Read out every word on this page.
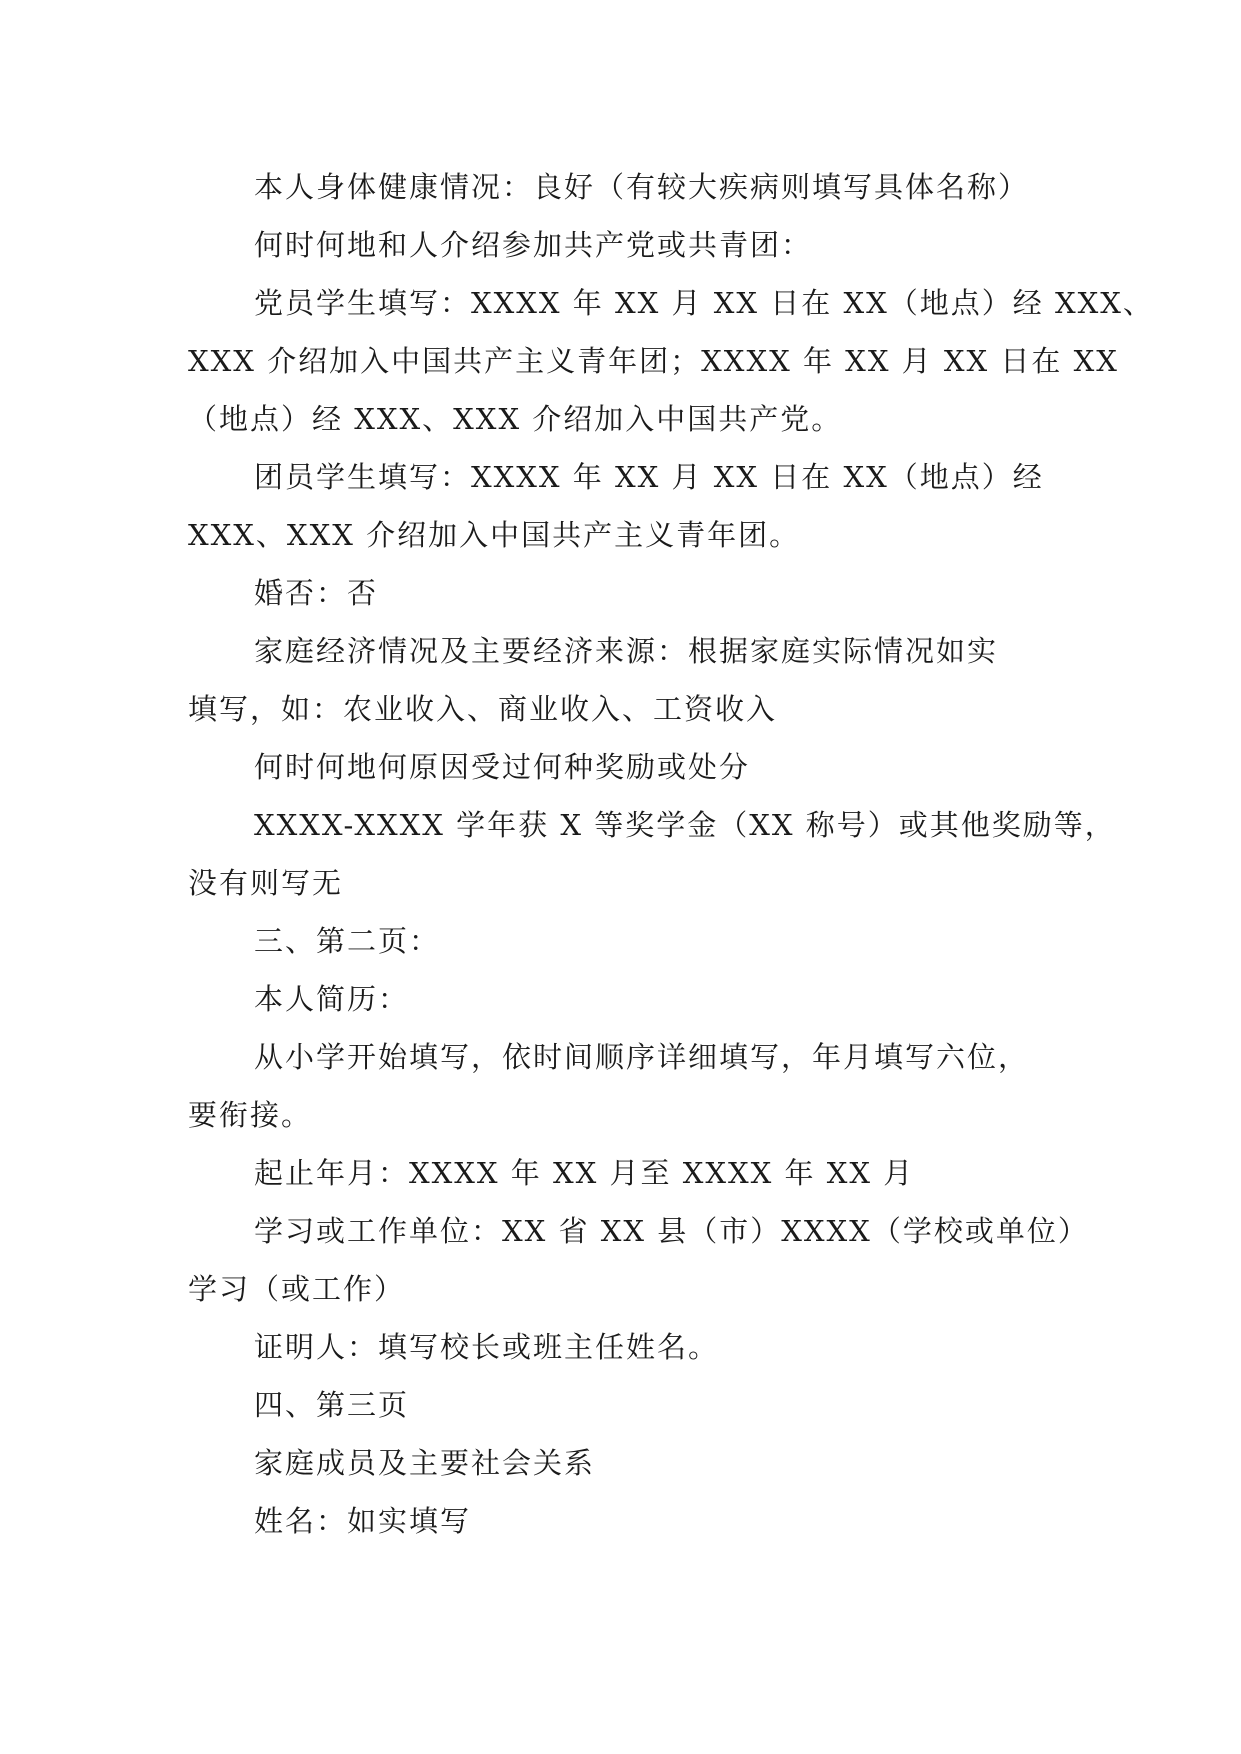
本人身体健康情况：良好（有较大疾病则填写具体名称）
何时何地和人介绍参加共产党或共青团：
党员学生填写：XXXX 年 XX 月 XX 日在 XX（地点）经 XXX、
XXX 介绍加入中国共产主义青年团；XXXX 年 XX 月 XX 日在 XX
（地点）经 XXX、XXX 介绍加入中国共产党。
团员学生填写：XXXX 年 XX 月 XX 日在 XX（地点）经
XXX、XXX 介绍加入中国共产主义青年团。
婚否：否
家庭经济情况及主要经济来源：根据家庭实际情况如实
填写，如：农业收入、商业收入、工资收入
何时何地何原因受过何种奖励或处分
XXXX-XXXX 学年获 X 等奖学金（XX 称号）或其他奖励等，
没有则写无
三、第二页：
本人简历：
从小学开始填写，依时间顺序详细填写，年月填写六位，
要衔接。
起止年月：XXXX 年 XX 月至 XXXX 年 XX 月
学习或工作单位：XX 省 XX 县（市）XXXX（学校或单位）
学习（或工作）
证明人：填写校长或班主任姓名。
四、第三页
家庭成员及主要社会关系
姓名：如实填写
